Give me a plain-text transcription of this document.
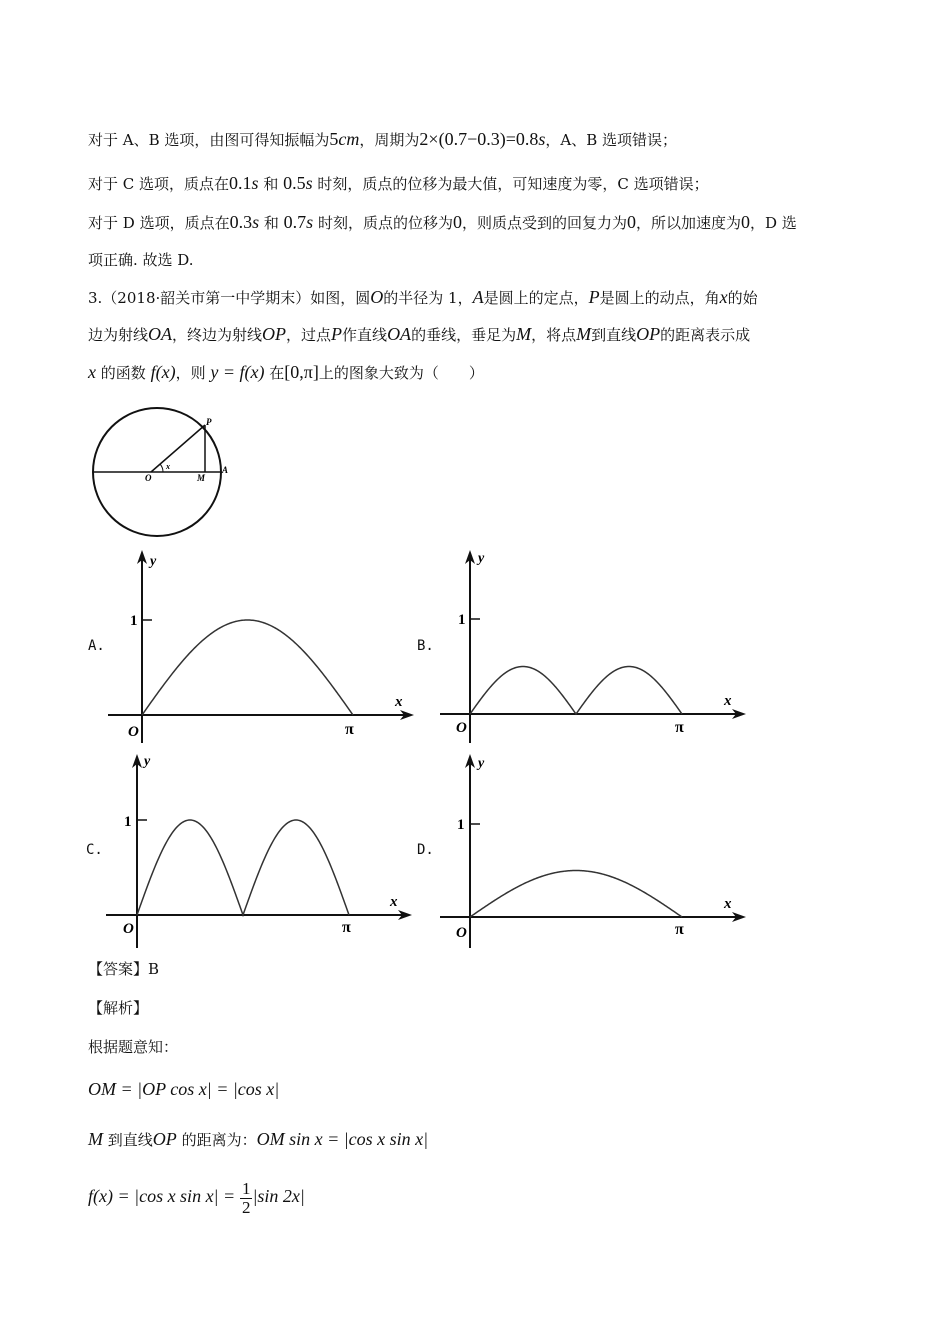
对于 A、B 选项，由图可得知振幅为5cm，周期为2×(0.7−0.3)=0.8s，A、B 选项错误；
对于 C 选项，质点在0.1s 和 0.5s 时刻，质点的位移为最大值，可知速度为零，C 选项错误；
对于 D 选项，质点在0.3s 和 0.7s 时刻，质点的位移为0，则质点受到的回复力为0，所以加速度为0，D 选
项正确. 故选 D.
3.（2018·韶关市第一中学期末）如图，圆O的半径为 1，A是圆上的定点，P是圆上的动点，角x的始
边为射线OA，终边为射线OP，过点P作直线OA的垂线，垂足为M，将点M到直线OP的距离表示成
x 的函数 f(x)，则 y = f(x) 在[0,π]上的图象大致为（　　）
O	M
A
P
x
A.	B.
C.	D.
1
y
x
O	π
1
y
x
O	π
1
y
x
O	π
1
y
x
O	π
【答案】B
【解析】
根据题意知：
OM = |OP cos x| = |cos x|
M 到直线OP 的距离为：OM sin x = |cos x sin x|
f(x) = |cos x $\sin x| = \frac{1}{2} |\sin$ 2x|
